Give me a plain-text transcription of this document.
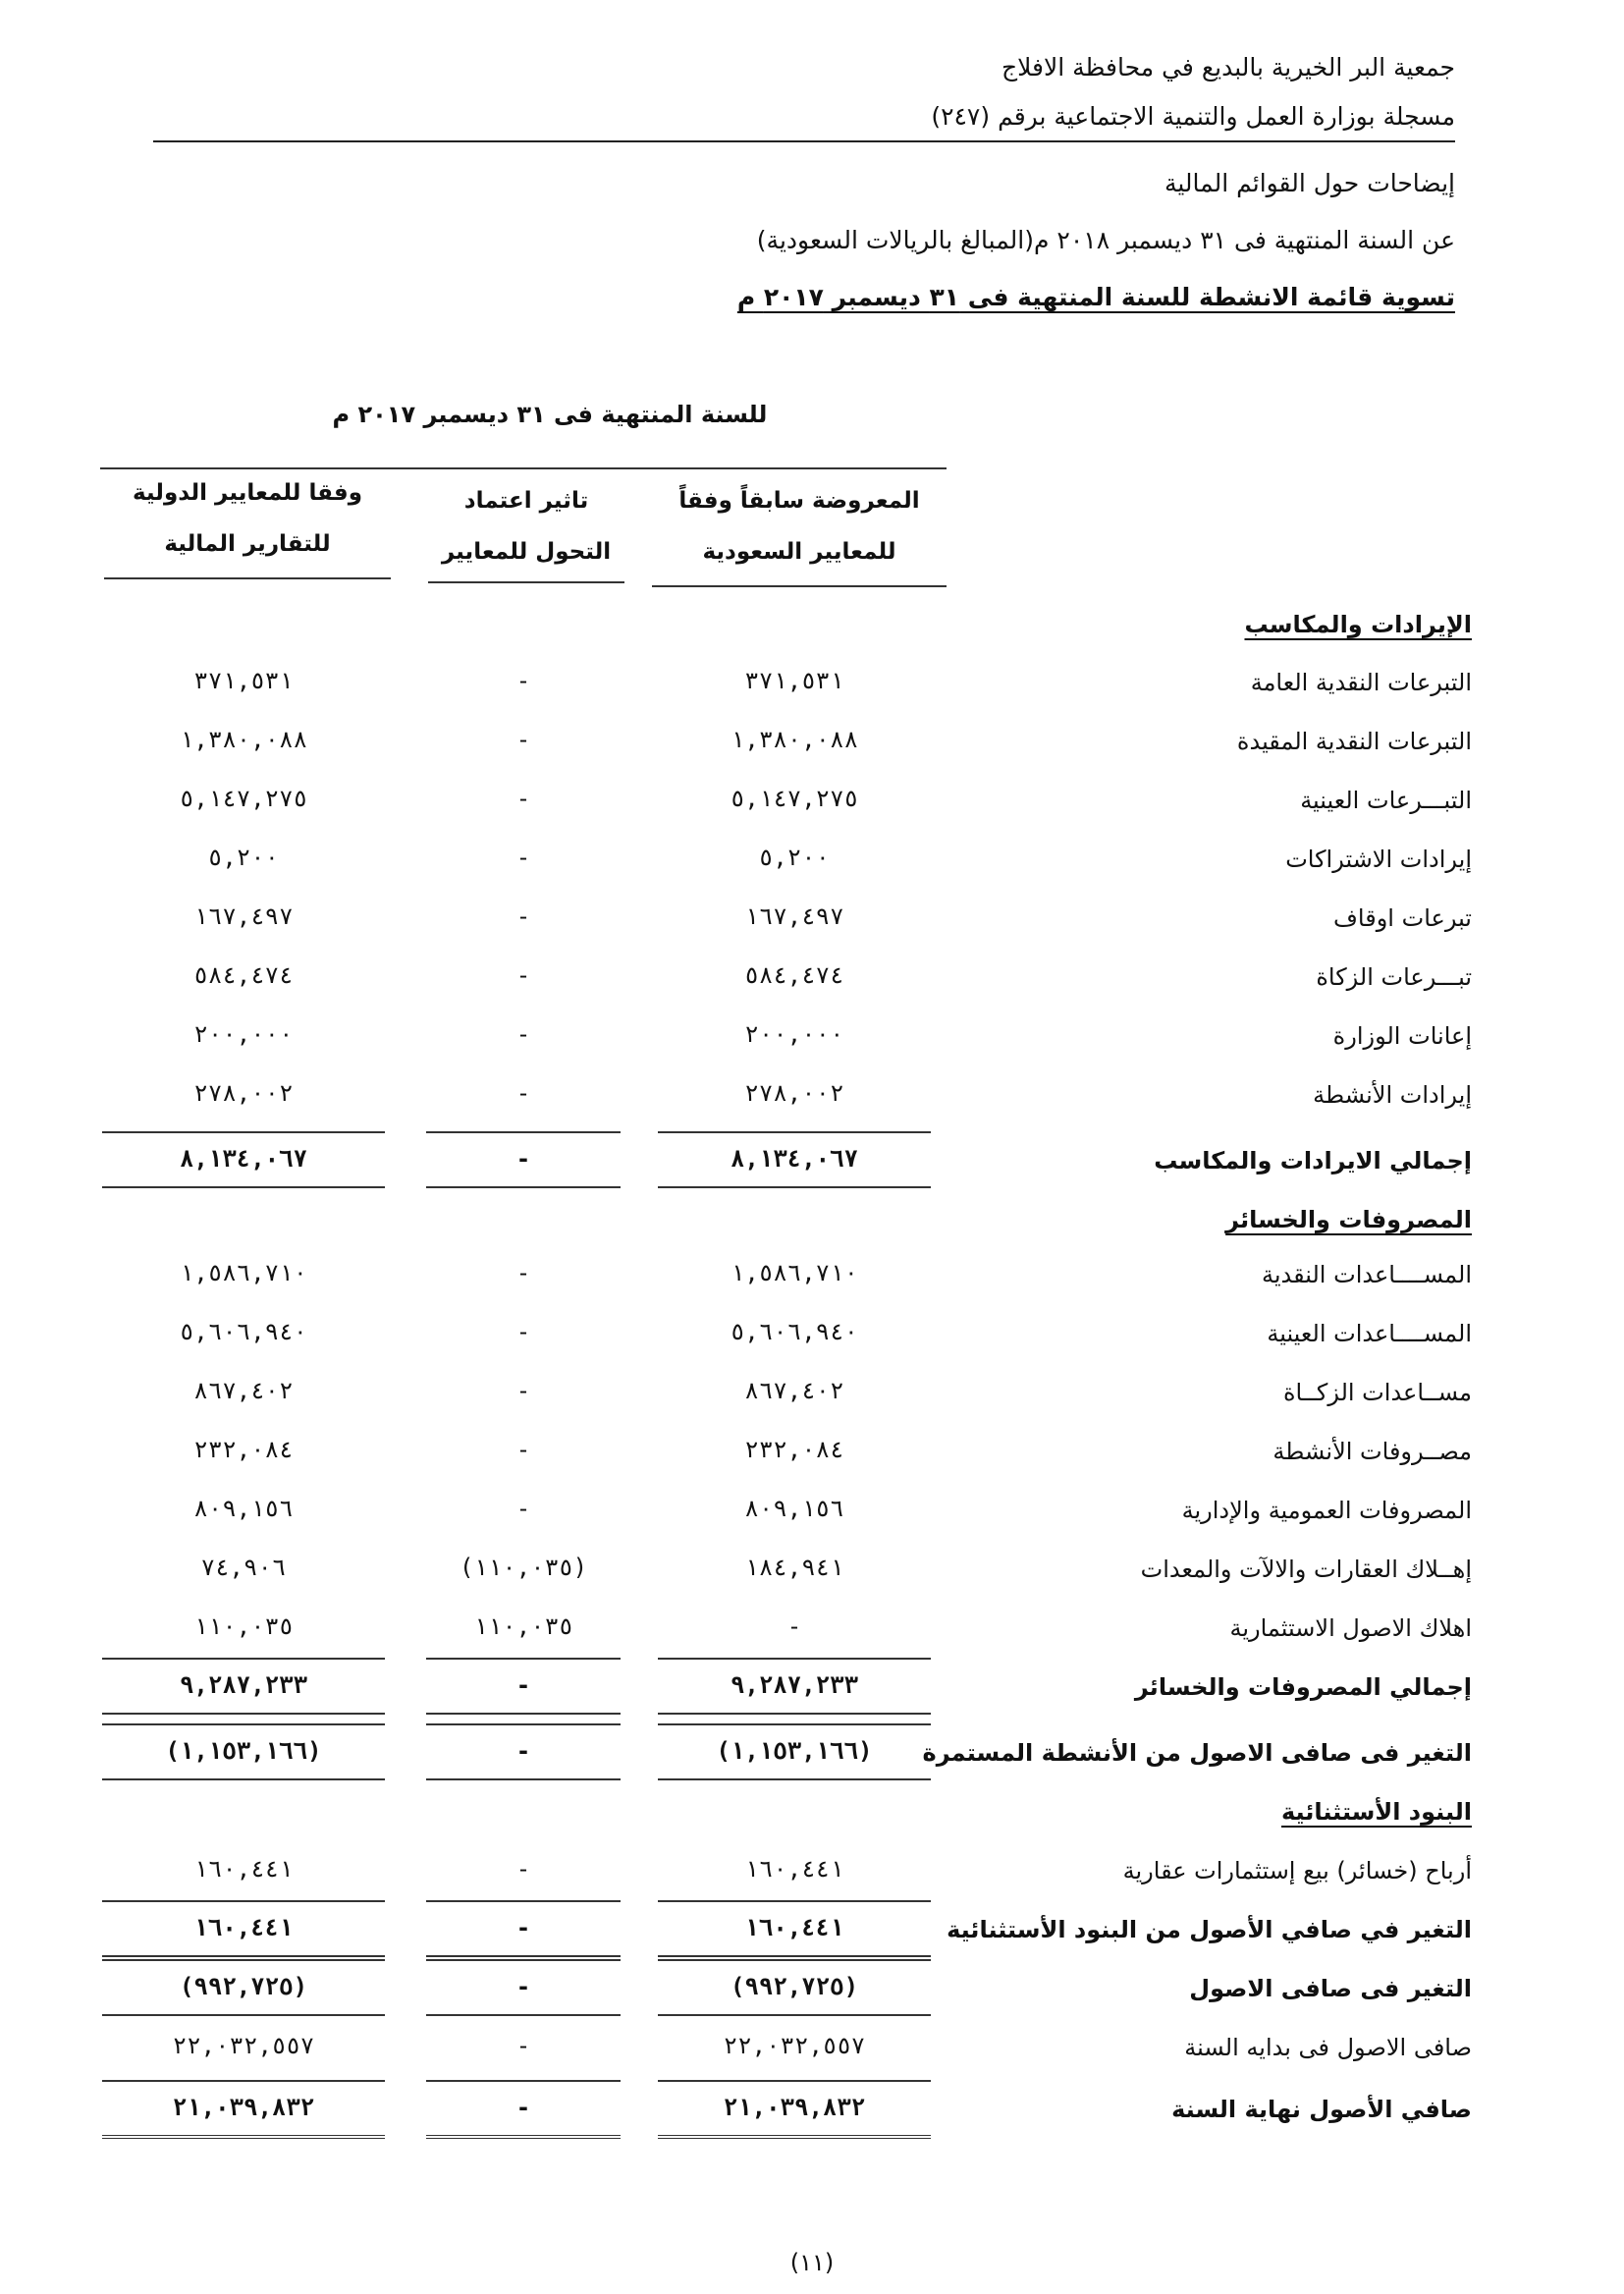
جمعية البر الخيرية بالبديع في محافظة الافلاج
مسجلة بوزارة العمل والتنمية الاجتماعية برقم (٢٤٧)
إيضاحات حول القوائم المالية
عن السنة المنتهية فى ٣١ ديسمبر ٢٠١٨ م(المبالغ بالريالات السعودية)
تسوية قائمة الانشطة للسنة المنتهية فى ٣١ ديسمبر ٢٠١٧ م
للسنة المنتهية فى ٣١ ديسمبر ٢٠١٧ م
المعروضة سابقاً وفقاً
للمعايير السعودية
تاثير اعتماد
التحول للمعايير
وفقا للمعايير الدولية
للتقارير المالية
الإيرادات والمكاسب
التبرعات النقدية العامة
٣٧١,٥٣١
-
٣٧١,٥٣١
التبرعات النقدية المقيدة
١,٣٨٠,٠٨٨
-
١,٣٨٠,٠٨٨
التبـــرعات العينية
٥,١٤٧,٢٧٥
-
٥,١٤٧,٢٧٥
إيرادات الاشتراكات
٥,٢٠٠
-
٥,٢٠٠
تبرعات اوقاف
١٦٧,٤٩٧
-
١٦٧,٤٩٧
تبـــرعات الزكاة
٥٨٤,٤٧٤
-
٥٨٤,٤٧٤
إعانات الوزارة
٢٠٠,٠٠٠
-
٢٠٠,٠٠٠
إيرادات الأنشطة
٢٧٨,٠٠٢
-
٢٧٨,٠٠٢
إجمالي الايرادات والمكاسب
٨,١٣٤,٠٦٧
-
٨,١٣٤,٠٦٧
المصروفات والخسائر
المســــاعدات النقدية
١,٥٨٦,٧١٠
-
١,٥٨٦,٧١٠
المســــاعدات العينية
٥,٦٠٦,٩٤٠
-
٥,٦٠٦,٩٤٠
مســاعدات الزكــاة
٨٦٧,٤٠٢
-
٨٦٧,٤٠٢
مصــروفات الأنشطة
٢٣٢,٠٨٤
-
٢٣٢,٠٨٤
المصروفات العمومية والإدارية
٨٠٩,١٥٦
-
٨٠٩,١٥٦
إهــلاك العقارات والالآت والمعدات
١٨٤,٩٤١
(١١٠,٠٣٥)
٧٤,٩٠٦
اهلاك الاصول الاستثمارية
-
١١٠,٠٣٥
١١٠,٠٣٥
إجمالي المصروفات والخسائر
٩,٢٨٧,٢٣٣
-
٩,٢٨٧,٢٣٣
التغير فى صافى الاصول من الأنشطة المستمرة
(١,١٥٣,١٦٦)
-
(١,١٥٣,١٦٦)
البنود الأستثنائية
أرباح (خسائر) بيع إستثمارات عقارية
١٦٠,٤٤١
-
١٦٠,٤٤١
التغير في صافي الأصول من البنود الأستثنائية
١٦٠,٤٤١
-
١٦٠,٤٤١
التغير فى صافى الاصول
(٩٩٢,٧٢٥)
-
(٩٩٢,٧٢٥)
صافى الاصول فى بدايه السنة
٢٢,٠٣٢,٥٥٧
-
٢٢,٠٣٢,٥٥٧
صافي الأصول نهاية السنة
٢١,٠٣٩,٨٣٢
-
٢١,٠٣٩,٨٣٢
(١١)
